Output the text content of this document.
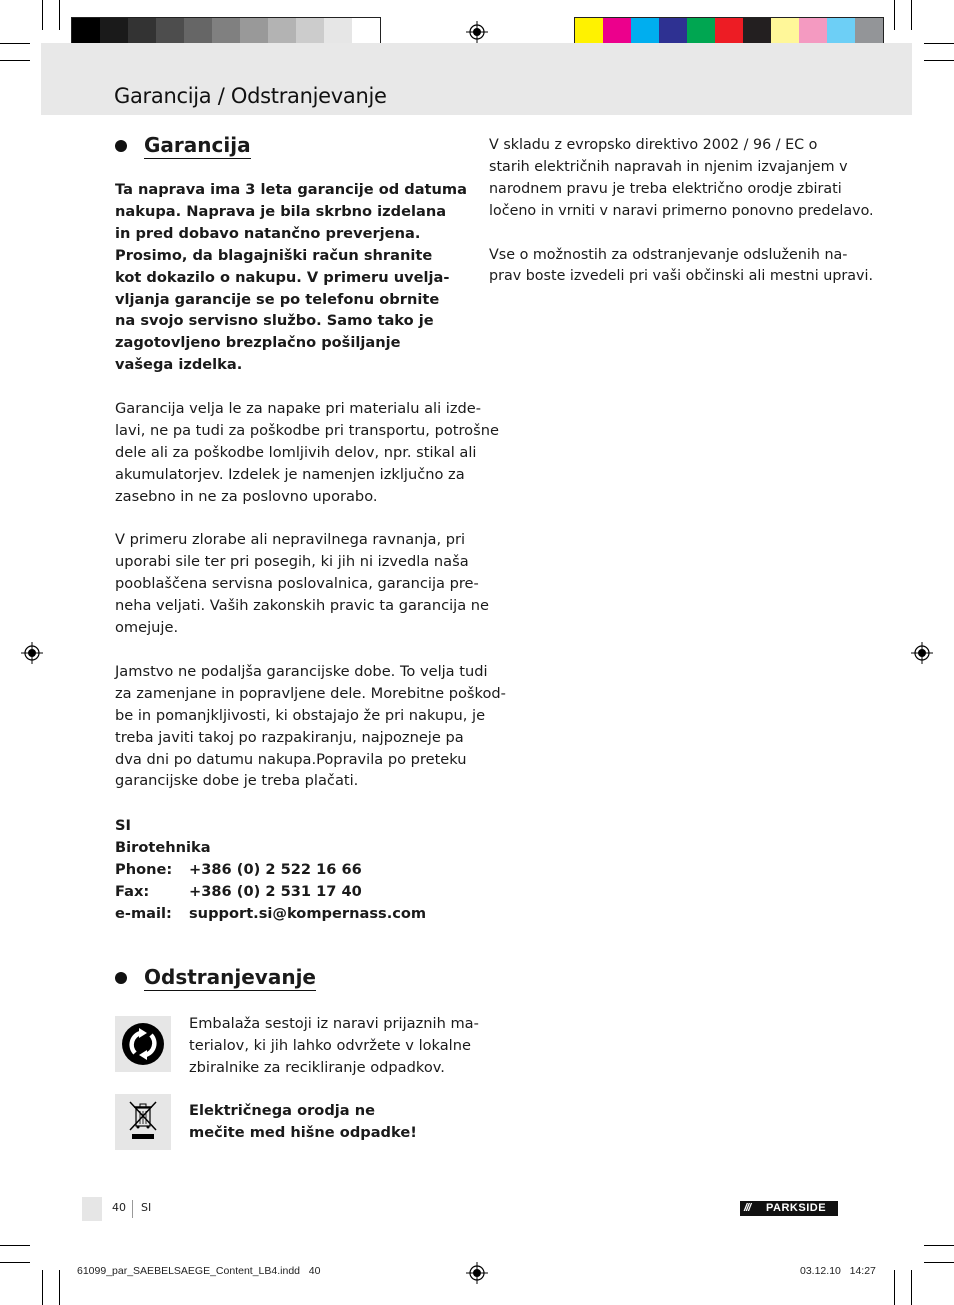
Garancija / Odstranjevanje
Garancija

Ta naprava ima 3 leta garancije od datuma
nakupa. Naprava je bila skrbno izdelana
in pred dobavo natančno preverjena.
Prosimo, da blagajniški račun shranite
kot dokazilo o nakupu. V primeru uvelja-
vljanja garancije se po telefonu obrnite
na svojo servisno službo. Samo tako je
zagotovljeno brezplačno pošiljanje
vašega izdelka.

Garancija velja le za napake pri materialu ali izde-
lavi, ne pa tudi za poškodbe pri transportu, potrošne
dele ali za poškodbe lomljivih delov, npr. stikal ali
akumulatorjev. Izdelek je namenjen izključno za
zasebno in ne za poslovno uporabo.

V primeru zlorabe ali nepravilnega ravnanja, pri
uporabi sile ter pri posegih, ki jih ni izvedla naša
pooblaščena servisna poslovalnica, garancija pre-
neha veljati. Vaših zakonskih pravic ta garancija ne
omejuje.

Jamstvo ne podaljša garancijske dobe. To velja tudi
za zamenjane in popravljene dele. Morebitne poškod-
be in pomanjkljivosti, ki obstajajo že pri nakupu, je
treba javiti takoj po razpakiranju, najpozneje pa
dva dni po datumu nakupa.Popravila po preteku
garancijske dobe je treba plačati.

SI
Birotehnika
Phone:	+386 (0) 2 522 16 66
Fax:	+386 (0) 2 531 17 40
e-mail:	support.si@kompernass.com
Odstranjevanje
Embalaža sestoji iz naravi prijaznih ma-
terialov, ki jih lahko odvržete v lokalne
zbiralnike za recikliranje odpadkov.
Električnega orodja ne
mečite med hišne odpadke!

V skladu z evropsko direktivo 2002 / 96 / EC o
starih električnih napravah in njenim izvajanjem v
narodnem pravu je treba električno orodje zbirati
ločeno in vrniti v naravi primerno ponovno predelavo.

Vse o možnostih za odstranjevanje odsluženih na-
prav boste izvedeli pri vaši občinski ali mestni upravi.

40 SI	///	PARKSIDE
61099_par_SAEBELSAEGE_Content_LB4.indd   40	03.12.10   14:27
